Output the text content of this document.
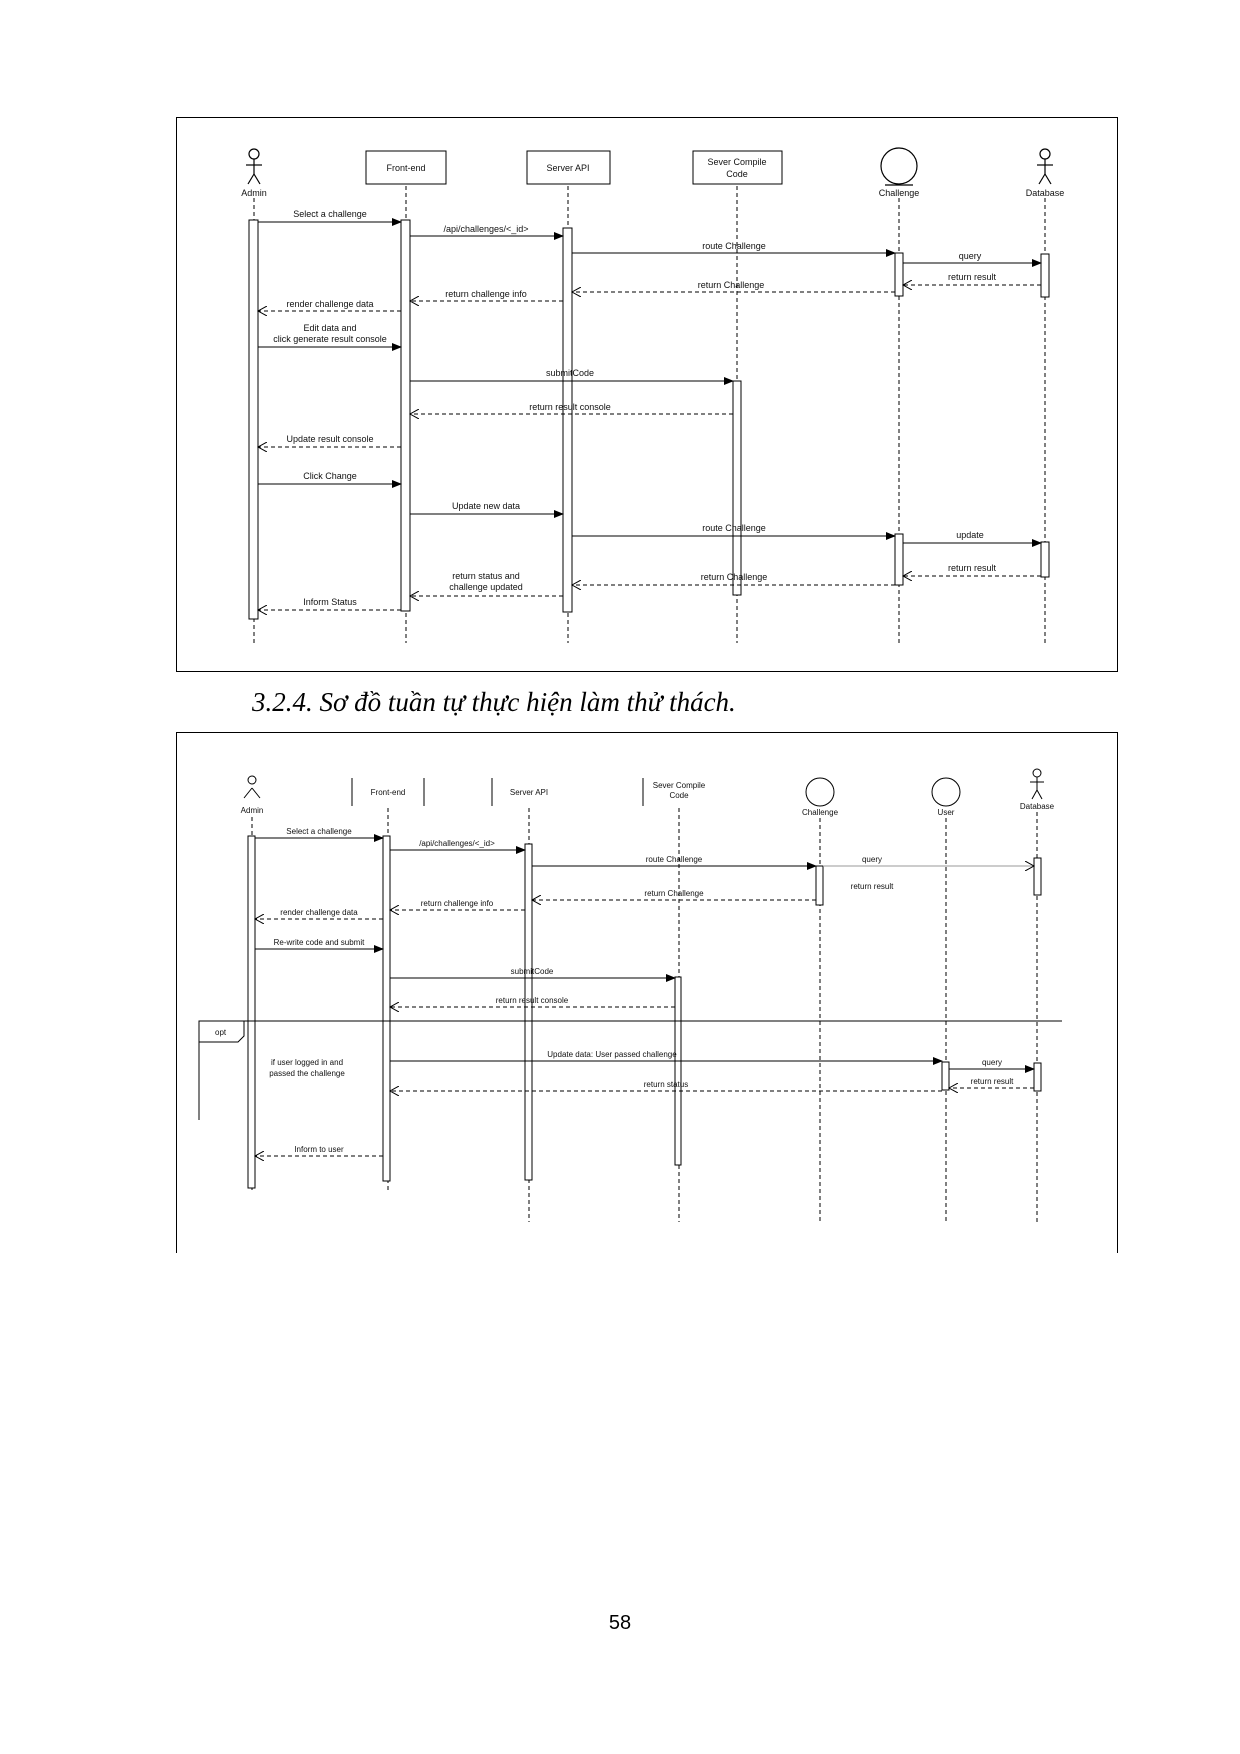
Admin
Front-end	Server API
Sever Compile
Code
Challenge	Database
Select a challenge
/api/challenges/<_id>
route Challenge
query
return result
return Challenge
return challenge info
render challenge data
Edit data and
click generate result console
submitCode
return result console
Update result console
Click Change
Update new data
route Challenge
update
return result
return Challenge
return status and
challenge updated
Inform Status
3.2.4. Sơ đồ tuần tự thực hiện làm thử thách.
Admin
Front-end	Server API
Sever Compile
Code
Challenge	User
Database
opt
if user logged in and
passed the challenge
Select a challenge
/api/challenges/<_id>
route Challenge	query
return result
return Challenge
return challenge info
render challenge data
Re-write code and submit
submitCode
return result console
Update data: User passed challenge
query
return result
return status
Inform to user
58
